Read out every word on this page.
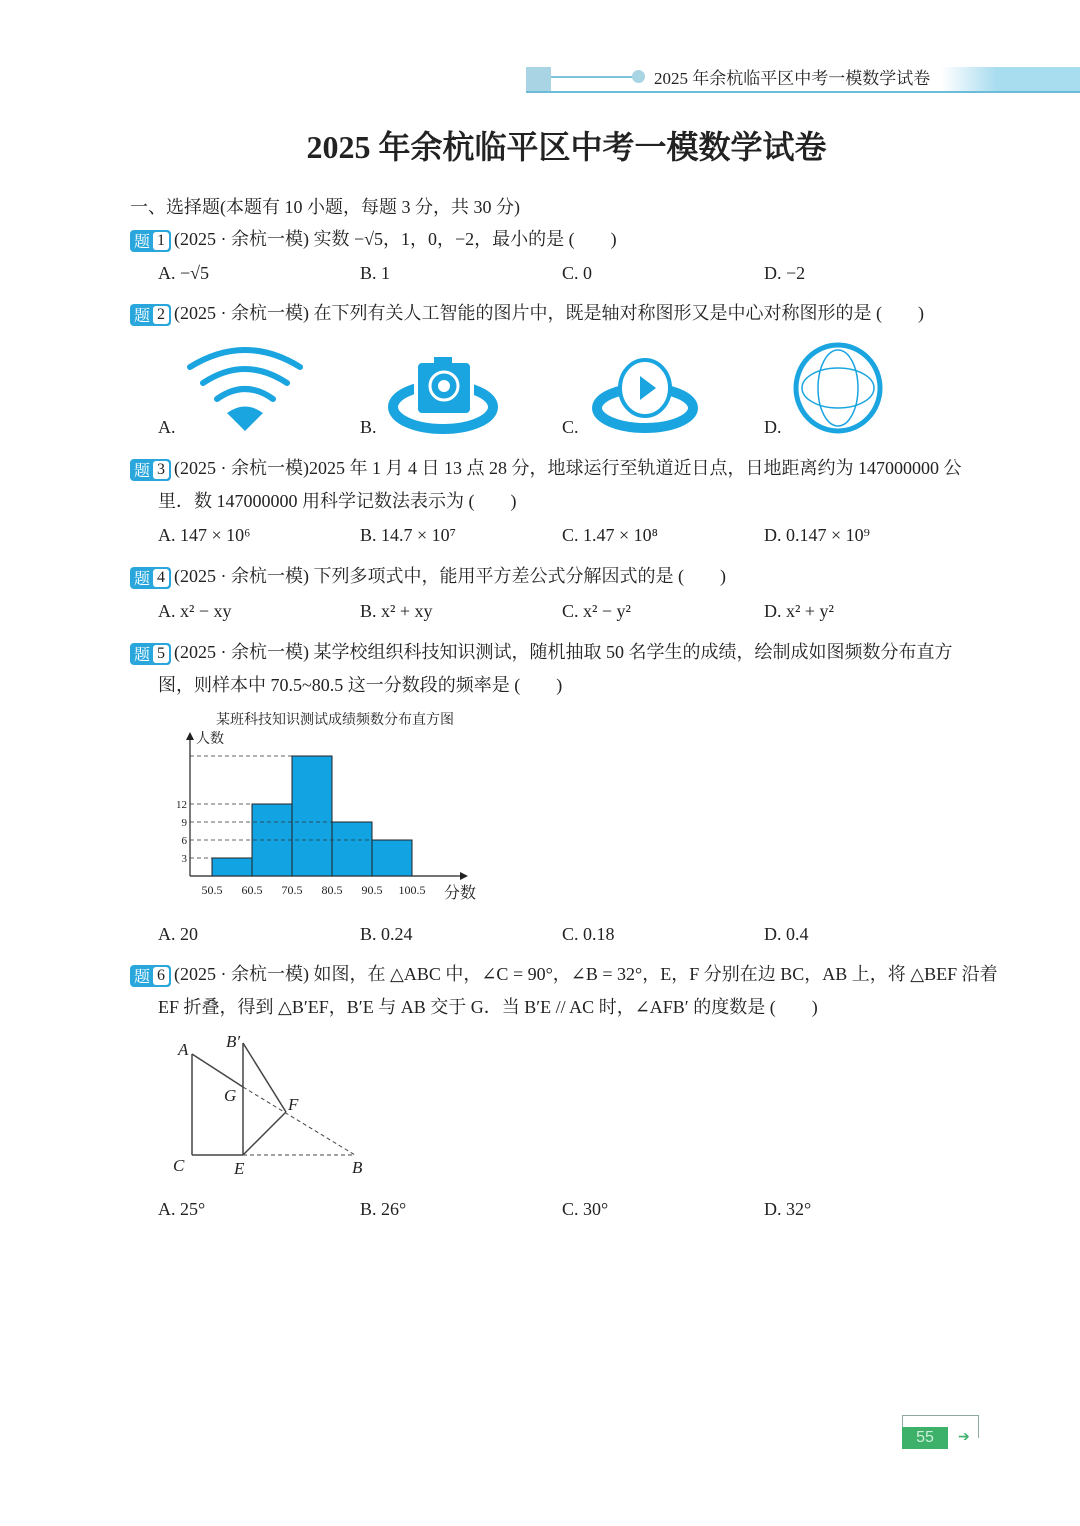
2025 年余杭临平区中考一模数学试卷
2025 年余杭临平区中考一模数学试卷
一、选择题(本题有 10 小题，每题 3 分，共 30 分)
题 1 (2025 · 余杭一模) 实数 −√5，1，0，−2，最小的是 (　　)
A. −√5	B. 1	C. 0	D. −2
题 2 (2025 · 余杭一模) 在下列有关人工智能的图片中，既是轴对称图形又是中心对称图形的是 (　　)
A.	B.	C.	D.
题 3 (2025 · 余杭一模)2025 年 1 月 4 日 13 点 28 分，地球运行至轨道近日点，日地距离约为 147000000 公
里．数 147000000 用科学记数法表示为 (　　)
A. 147 × 10⁶	B. 14.7 × 10⁷	C. 1.47 × 10⁸	D. 0.147 × 10⁹
题 4 (2025 · 余杭一模) 下列多项式中，能用平方差公式分解因式的是 (　　)
A. x² − xy	B. x² + xy	C. x² − y²	D. x² + y²
题 5 (2025 · 余杭一模) 某学校组织科技知识测试，随机抽取 50 名学生的成绩，绘制成如图频数分布直方
图，则样本中 70.5~80.5 这一分数段的频率是 (　　)
某班科技知识测试成绩频数分布直方图
人数
分数
3
6
9
12
50.5 60.5 70.5 80.5 90.5 100.5
A. 20	B. 0.24	C. 0.18	D. 0.4
题 6 (2025 · 余杭一模) 如图，在 △ABC 中，∠C = 90°，∠B = 32°，E，F 分别在边 BC，AB 上，将 △BEF 沿着
EF 折叠，得到 △B′EF，B′E 与 AB 交于 G．当 B′E // AC 时，∠AFB′ 的度数是 (　　)
A B′
G	F
C	E	B
A. 25°	B. 26°	C. 30°	D. 32°
55	➔
